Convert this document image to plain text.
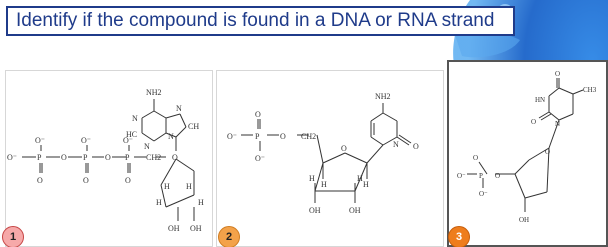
Identify if the compound is found in a DNA or RNA strand
NH2
N
N
CH
HC
N
N
O⁻	P O P O P CH2 O
O⁻	O⁻	O⁻
O	O	O
H H
H	H
OH OH
NH2
N O
O
O⁻ P
O
O⁻
O CH2
H	H
H	H
OH	OH
HN
CH3
O
O	N
O
P
O
O⁻
O⁻
O
OH
1	2	3
